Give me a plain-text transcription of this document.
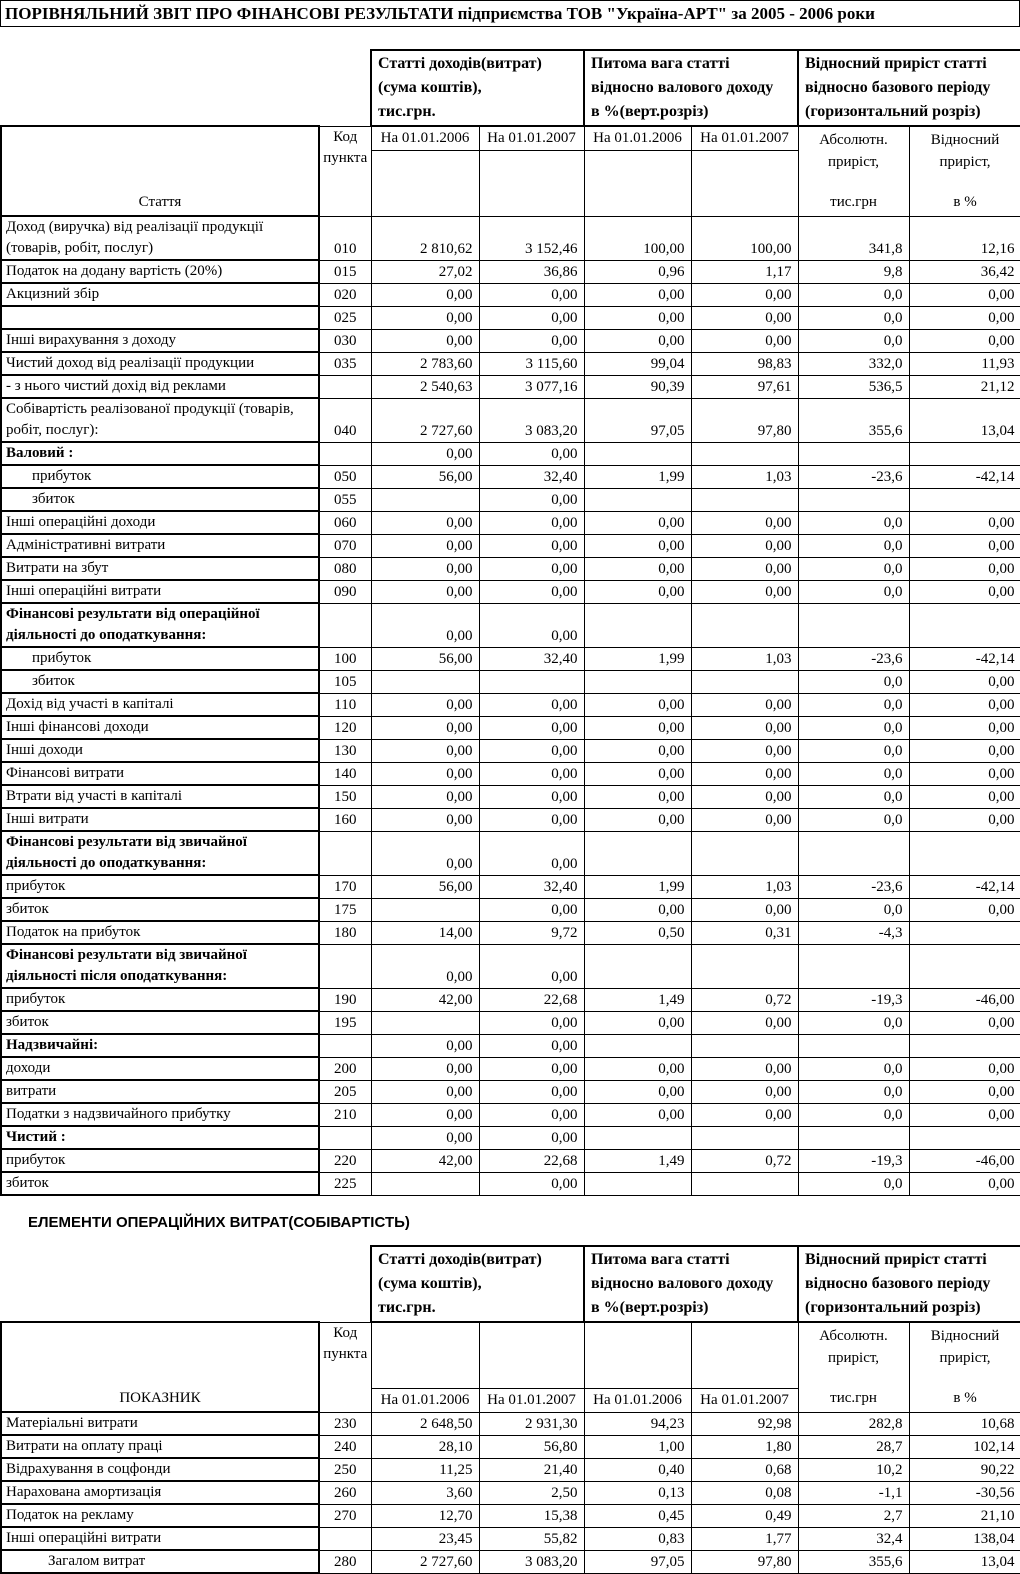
ПОРІВНЯЛЬНИЙ ЗВІТ ПРО ФІНАНСОВІ РЕЗУЛЬТАТИ підприємства ТОВ "Україна-АРТ" за 2005 - 2006 роки

Статті доходів(витрат)
(сума коштів),
тис.грн.

Питома вага статті
відносно валового доходу
в %(верт.розріз)

Відносний приріст статті
відносно базового періоду
(горизонтальний розріз)

Стаття	
Код
пункта

На 01.01.2006	На 01.01.2007	На 01.01.2006	На 01.01.2007	Абсолютн.
приріст,
тис.грн

Відносний
приріст,
в %

Доход (виручка) від реалізації продукції
(товарів, робіт, послуг)	010	2 810,62	3 152,46	100,00	100,00	341,8	12,16

Податок на додану вартість (20%)	015	27,02	36,86	0,96	1,17	9,8	36,42

Акцизний збір	020	0,00	0,00	0,00	0,00	0,0	0,00

	025	0,00	0,00	0,00	0,00	0,0	0,00

Інші вирахування з доходу	030	0,00	0,00	0,00	0,00	0,0	0,00

Чистий доход від реалізації продукции	035	2 783,60	3 115,60	99,04	98,83	332,0	11,93

- з нього чистий дохід від реклами		2 540,63	3 077,16	90,39	97,61	536,5	21,12

Собівартість реалізованої продукції (товарів,
робіт, послуг):	040	2 727,60	3 083,20	97,05	97,80	355,6	13,04

Валовий :		0,00	0,00				

прибуток	050	56,00	32,40	1,99	1,03	-23,6	-42,14

збиток	055		0,00				

Інші операційні доходи	060	0,00	0,00	0,00	0,00	0,0	0,00

Адміністративні витрати	070	0,00	0,00	0,00	0,00	0,0	0,00

Витрати на збут	080	0,00	0,00	0,00	0,00	0,0	0,00

Інші операційні витрати	090	0,00	0,00	0,00	0,00	0,0	0,00

Фінансові результати від операційної
діяльності до оподаткування:		0,00	0,00				

прибуток	100	56,00	32,40	1,99	1,03	-23,6	-42,14

збиток	105					0,0	0,00

Дохід від участі в капіталі	110	0,00	0,00	0,00	0,00	0,0	0,00

Інші фінансові доходи	120	0,00	0,00	0,00	0,00	0,0	0,00

Інші доходи	130	0,00	0,00	0,00	0,00	0,0	0,00

Фінансові витрати	140	0,00	0,00	0,00	0,00	0,0	0,00

Втрати від участі в капіталі	150	0,00	0,00	0,00	0,00	0,0	0,00

Інші витрати	160	0,00	0,00	0,00	0,00	0,0	0,00

Фінансові результати від звичайної
діяльності до оподаткування:		0,00	0,00				

прибуток	170	56,00	32,40	1,99	1,03	-23,6	-42,14

збиток	175		0,00	0,00	0,00	0,0	0,00

Податок на прибуток	180	14,00	9,72	0,50	0,31	-4,3	

Фінансові результати від звичайної
діяльності після оподаткування:		0,00	0,00				

прибуток	190	42,00	22,68	1,49	0,72	-19,3	-46,00

збиток	195		0,00	0,00	0,00	0,0	0,00

Надзвичайні:		0,00	0,00				

доходи	200	0,00	0,00	0,00	0,00	0,0	0,00

витрати	205	0,00	0,00	0,00	0,00	0,0	0,00

Податки з надзвичайного прибутку	210	0,00	0,00	0,00	0,00	0,0	0,00

Чистий :		0,00	0,00				

прибуток	220	42,00	22,68	1,49	0,72	-19,3	-46,00

збиток	225		0,00			0,0	0,00
ЕЛЕМЕНТИ ОПЕРАЦІЙНИХ ВИТРАТ(СОБІВАРТІСТЬ)

Статті доходів(витрат)
(сума коштів),
тис.грн.

Питома вага статті
відносно валового доходу
в %(верт.розріз)

Відносний приріст статті
відносно базового періоду
(горизонтальний розріз)

ПОКАЗНИК	
Код
пункта

На 01.01.2006	На 01.01.2007	На 01.01.2006	На 01.01.2007

Абсолютн.
приріст,
тис.грн

Відносний
приріст,
в %

Матеріальні витрати	230	2 648,50	2 931,30	94,23	92,98	282,8	10,68

Витрати на оплату праці	240	28,10	56,80	1,00	1,80	28,7	102,14

Відрахування в соцфонди	250	11,25	21,40	0,40	0,68	10,2	90,22

Нарахована амортизація	260	3,60	2,50	0,13	0,08	-1,1	-30,56

Податок на рекламу	270	12,70	15,38	0,45	0,49	2,7	21,10

Інші операційні витрати		23,45	55,82	0,83	1,77	32,4	138,04

Загалом витрат	280	2 727,60	3 083,20	97,05	97,80	355,6	13,04
